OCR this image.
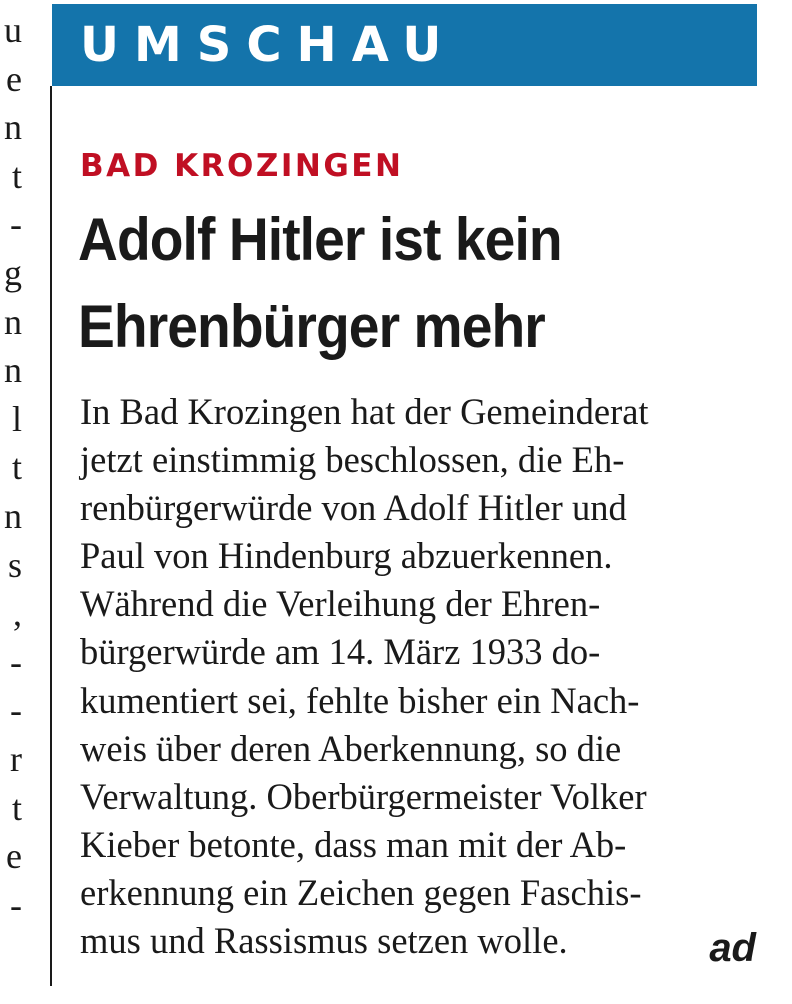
u
e
n
t
-
g
n
n
l
t
n
s
,
-
-
r
t
e
-
UMSCHAU
BAD KROZINGEN
Adolf Hitler ist kein
Ehrenbürger mehr
In Bad Krozingen hat der Gemeinderat
jetzt einstimmig beschlossen, die Eh-
renbürgerwürde von Adolf Hitler und
Paul von Hindenburg abzuerkennen.
Während die Verleihung der Ehren-
bürgerwürde am 14. März 1933 do-
kumentiert sei, fehlte bisher ein Nach-
weis über deren Aberkennung, so die
Verwaltung. Oberbürgermeister Volker
Kieber betonte, dass man mit der Ab-
erkennung ein Zeichen gegen Faschis-
mus und Rassismus setzen wolle.	ad
